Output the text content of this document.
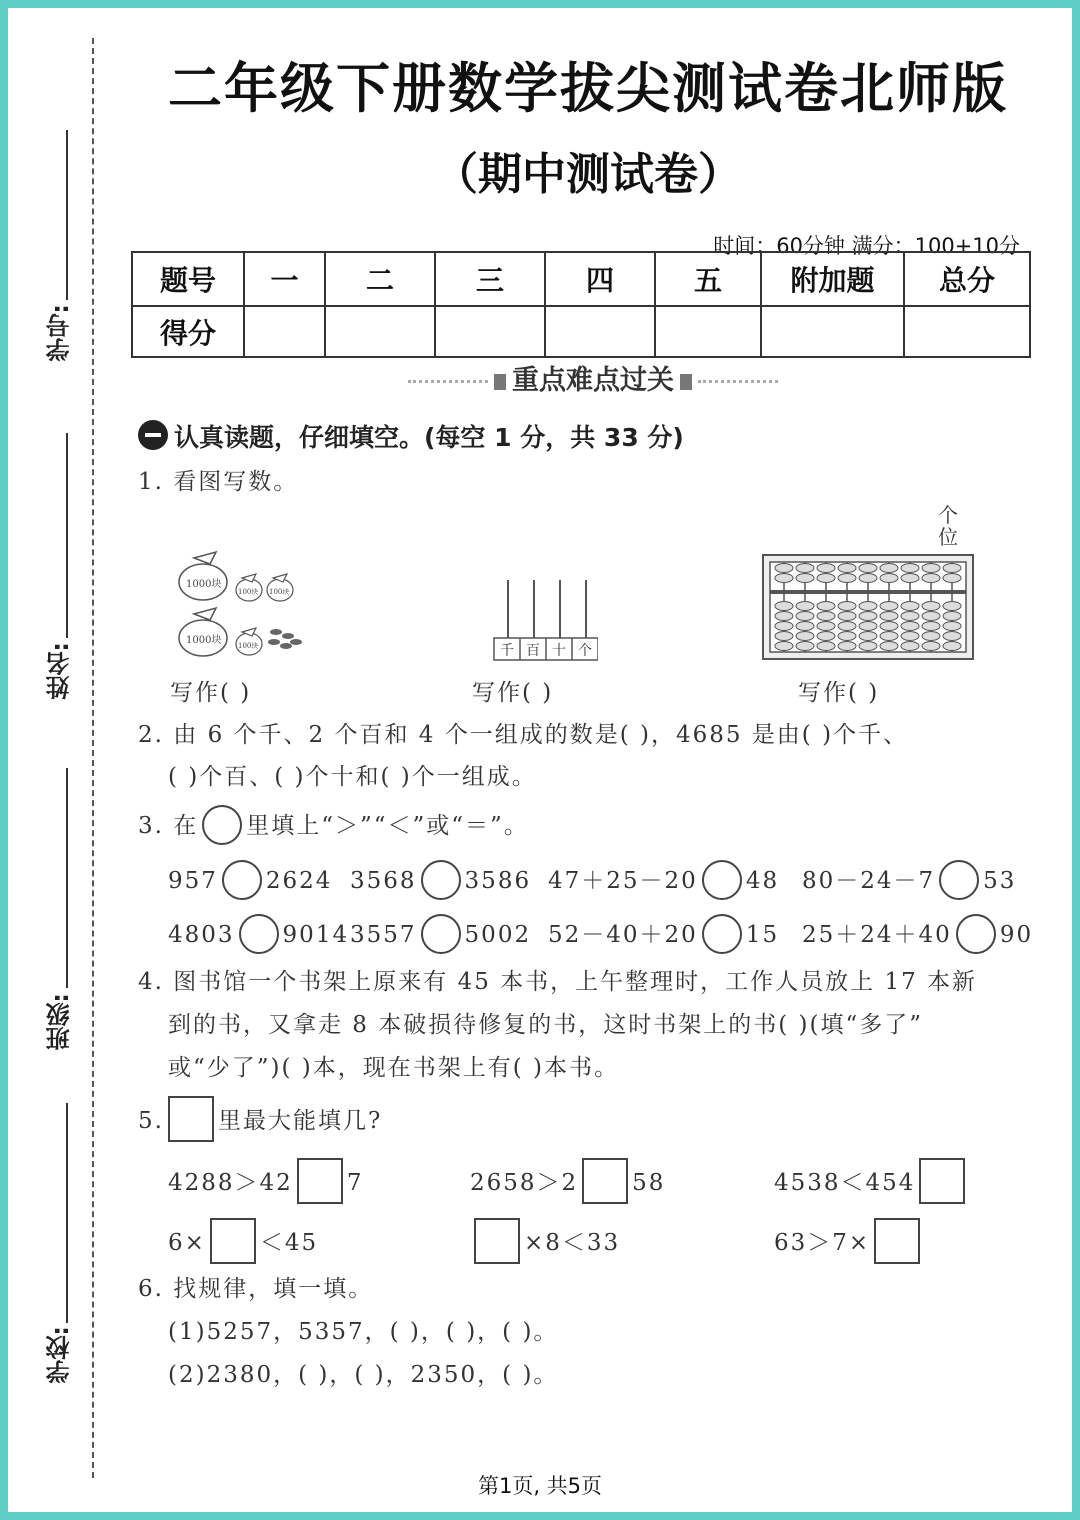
学号:
姓名:
班级:
学校:
二年级下册数学拔尖测试卷北师版
（期中测试卷）
时间：60分钟 满分：100+10分
题号	一	二	三	四	五	附加题	总分
得分							
重点难点过关
认真读题，仔细填空。(每空 1 分，共 33 分)
1. 看图写数。
1000块
100块 100块
1000块 100块	千 百 十 个
个
位
写作( )	写作( )	写作( )
2. 由 6 个千、2 个百和 4 个一组成的数是( )，4685 是由( )个千、
( )个百、( )个十和( )个一组成。
3. 在 里填上“＞”“＜”或“＝”。
957 2624 3568 3586 47＋25－20 48 80－24－7 53
4803 9014 3557 5002 52－40＋20 15 25＋24＋40 90
4. 图书馆一个书架上原来有 45 本书，上午整理时，工作人员放上 17 本新
到的书，又拿走 8 本破损待修复的书，这时书架上的书( )(填“多了”
或“少了”)( )本，现在书架上有( )本书。
5. 里最大能填几?
4288＞42 7	2658＞2 58	4538＜454
6× ＜45	×8＜33	63＞7×
6. 找规律，填一填。
(1)5257，5357，( )，( )，( )。
(2)2380，( )，( )，2350，( )。
第1页, 共5页
